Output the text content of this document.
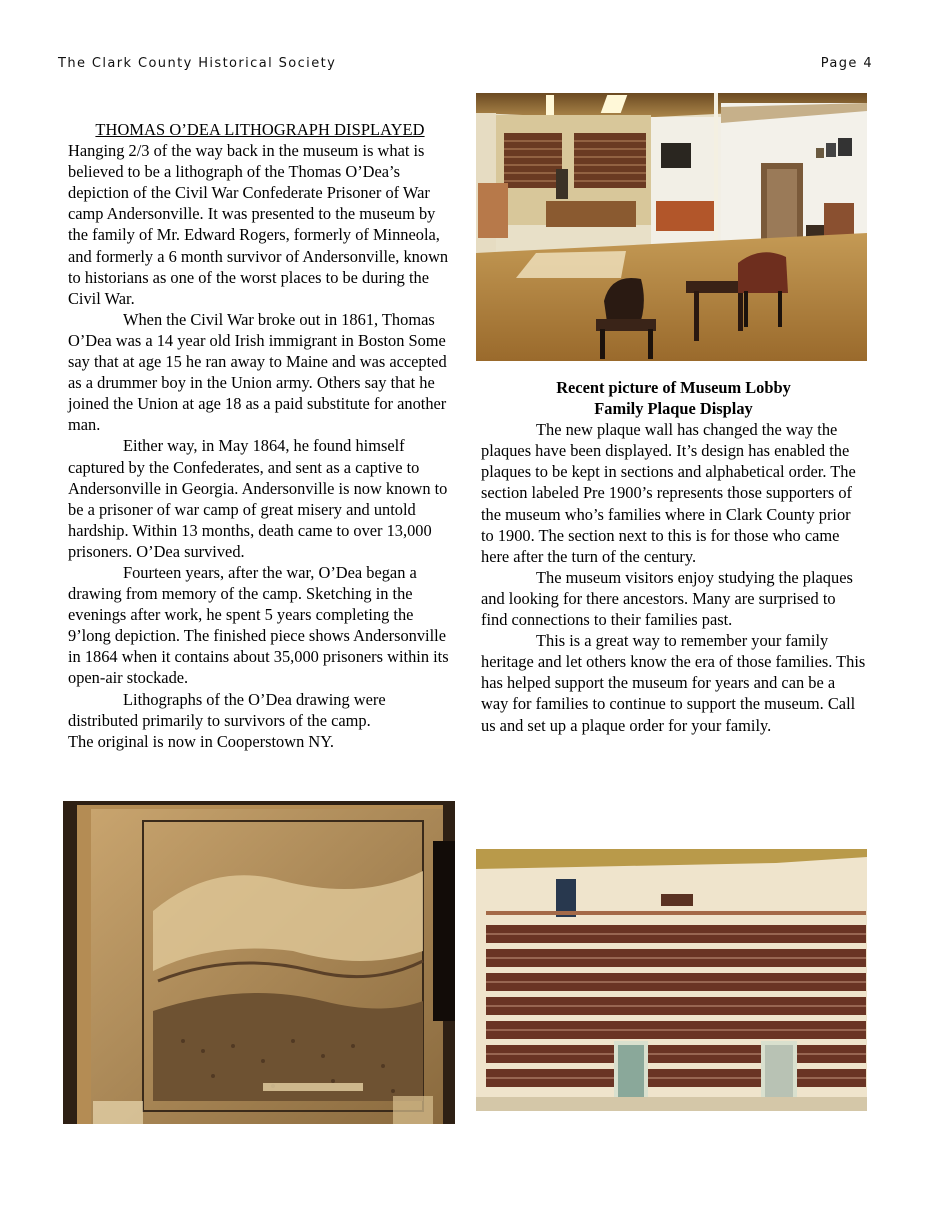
The Clark County Historical Society	Page 4

THOMAS O’DEA LITHOGRAPH DISPLAYED

Hanging 2/3 of the way back in the museum is what is believed to be a lithograph of the Thomas O’Dea’s depiction of the Civil War Confederate Prisoner of War camp Andersonville. It was presented to the museum by the family of Mr. Edward Rogers, formerly of Minneola, and formerly a 6 month survivor of Andersonville, known to historians as one of the worst places to be during the Civil War.

When the Civil War broke out in 1861, Thomas O’Dea was a 14 year old Irish immigrant in Boston Some say that at age 15 he ran away to Maine and was accepted as a drummer boy in the Union army. Others say that he joined the Union at age 18 as a paid substitute for another man.

Either way, in May 1864, he found himself captured by the Confederates, and sent as a captive to Andersonville in Georgia. Andersonville is now known to be a prisoner of war camp of great misery and untold hardship. Within 13 months, death came to over 13,000 prisoners. O’Dea survived.

Fourteen years, after the war, O’Dea began a drawing from memory of the camp. Sketching in the evenings after work, he spent 5 years completing the 9’long depiction. The finished piece shows Andersonville in 1864 when it contains about 35,000 prisoners within its open-air stockade.

Lithographs of the O’Dea drawing were distributed primarily to survivors of the camp.

The original is now in Cooperstown NY.

Recent picture of Museum Lobby

Family Plaque Display

The new plaque wall has changed the way the plaques have been displayed. It’s design has enabled the plaques to be kept in sections and alphabetical order. The section labeled Pre 1900’s represents those supporters of the museum who’s families where in Clark County prior to 1900. The section next to this is for those who came here after the turn of the century.

The museum visitors enjoy studying the plaques and looking for there ancestors. Many are surprised to find connections to their families past.

This is a great way to remember your family heritage and let others know the era of those families. This has helped support the museum for years and can be a way for families to continue to support the museum. Call us and set up a plaque order for your family.
